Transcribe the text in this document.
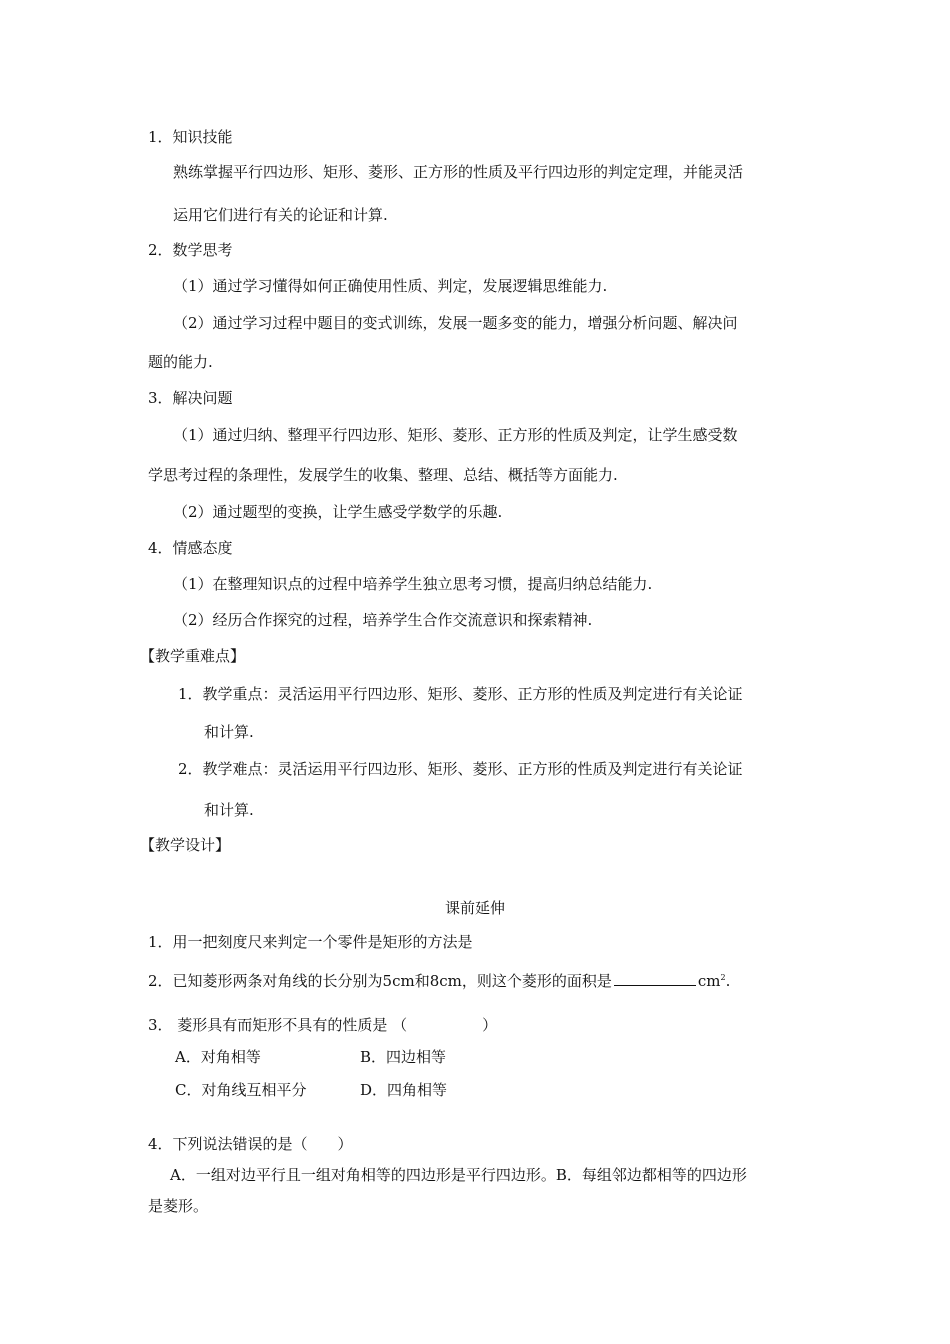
1．知识技能
熟练掌握平行四边形、矩形、菱形、正方形的性质及平行四边形的判定定理，并能灵活
运用它们进行有关的论证和计算.
2．数学思考
（1）通过学习懂得如何正确使用性质、判定，发展逻辑思维能力.
（2）通过学习过程中题目的变式训练，发展一题多变的能力，增强分析问题、解决问
题的能力.
3．解决问题
（1）通过归纳、整理平行四边形、矩形、菱形、正方形的性质及判定，让学生感受数
学思考过程的条理性，发展学生的收集、整理、总结、概括等方面能力.
（2）通过题型的变换，让学生感受学数学的乐趣.
4．情感态度
（1）在整理知识点的过程中培养学生独立思考习惯，提高归纳总结能力.
（2）经历合作探究的过程，培养学生合作交流意识和探索精神.
【教学重难点】
1．教学重点：灵活运用平行四边形、矩形、菱形、正方形的性质及判定进行有关论证
和计算.
2．教学难点：灵活运用平行四边形、矩形、菱形、正方形的性质及判定进行有关论证
和计算.
【教学设计】
课前延伸
1．用一把刻度尺来判定一个零件是矩形的方法是
2．已知菱形两条对角线的长分别为5cm和8cm，则这个菱形的面积是	$cm^2$.
3． 菱形具有而矩形不具有的性质是 （　　　　　）
A．对角相等	B．四边相等
C．对角线互相平分	D．四角相等
4．下列说法错误的是（　　）
A．一组对边平行且一组对角相等的四边形是平行四边形。B．每组邻边都相等的四边形
是菱形。
